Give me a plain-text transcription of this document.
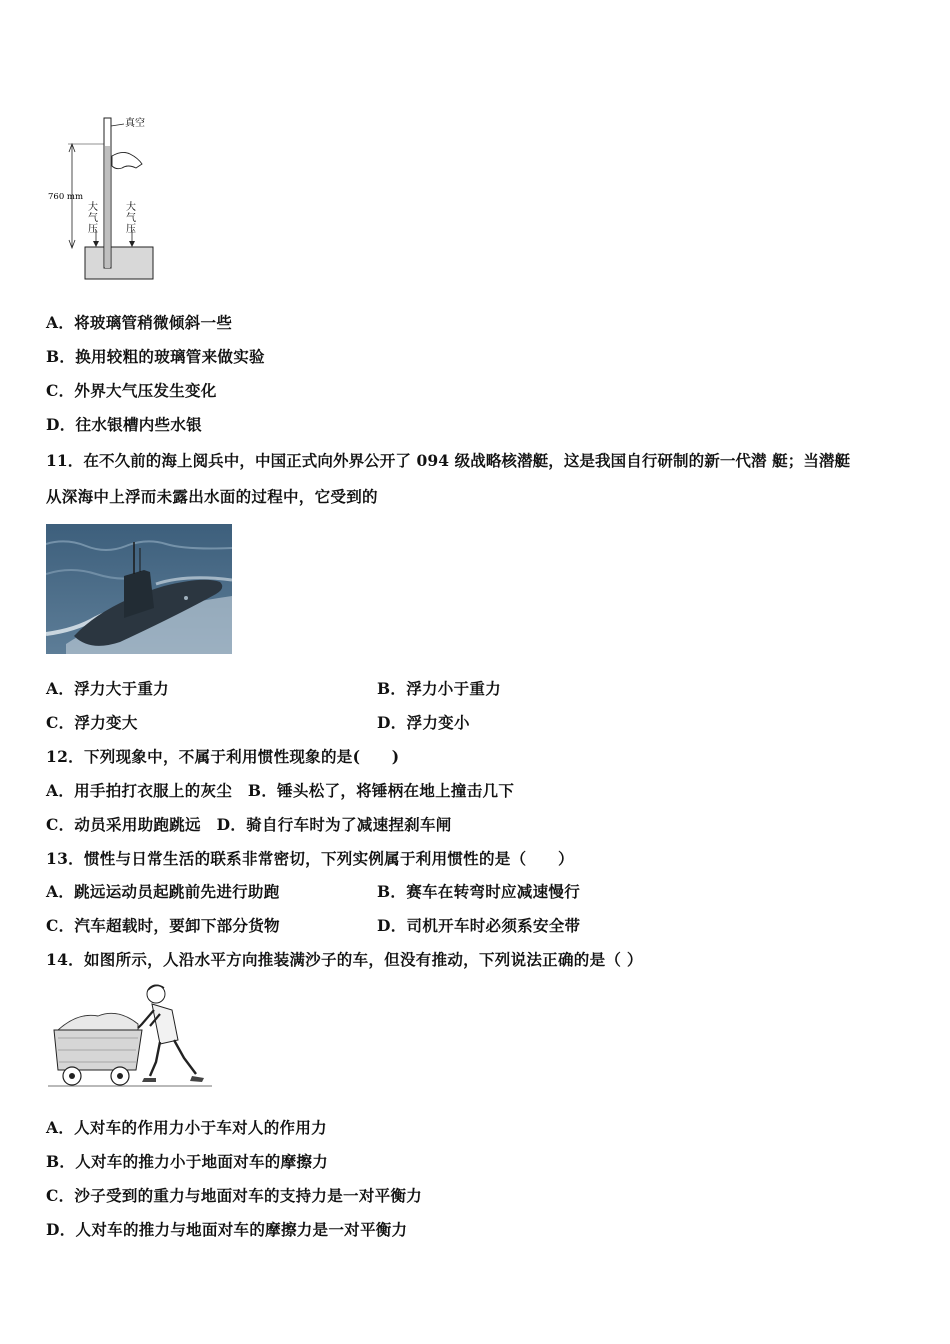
真空
760 mm
大
气
压
大
气
压
A．将玻璃管稍微倾斜一些
B．换用较粗的玻璃管来做实验
C．外界大气压发生变化
D．往水银槽内些水银
11．在不久前的海上阅兵中，中国正式向外界公开了 094 级战略核潜艇，这是我国自行研制的新一代潜 艇；当潜艇
从深海中上浮而未露出水面的过程中，它受到的
A．浮力大于重力	B．浮力小于重力
C．浮力变大	D．浮力变小
12．下列现象中，不属于利用惯性现象的是(　　)
A．用手拍打衣服上的灰尘　B．锤头松了，将锤柄在地上撞击几下
C．动员采用助跑跳远　D．骑自行车时为了减速捏刹车闸
13．惯性与日常生活的联系非常密切，下列实例属于利用惯性的是（　　）
A．跳远运动员起跳前先进行助跑	B．赛车在转弯时应减速慢行
C．汽车超载时，要卸下部分货物	D．司机开车时必须系安全带
14．如图所示，人沿水平方向推装满沙子的车，但没有推动，下列说法正确的是（ ）
A．人对车的作用力小于车对人的作用力
B．人对车的推力小于地面对车的摩擦力
C．沙子受到的重力与地面对车的支持力是一对平衡力
D．人对车的推力与地面对车的摩擦力是一对平衡力
